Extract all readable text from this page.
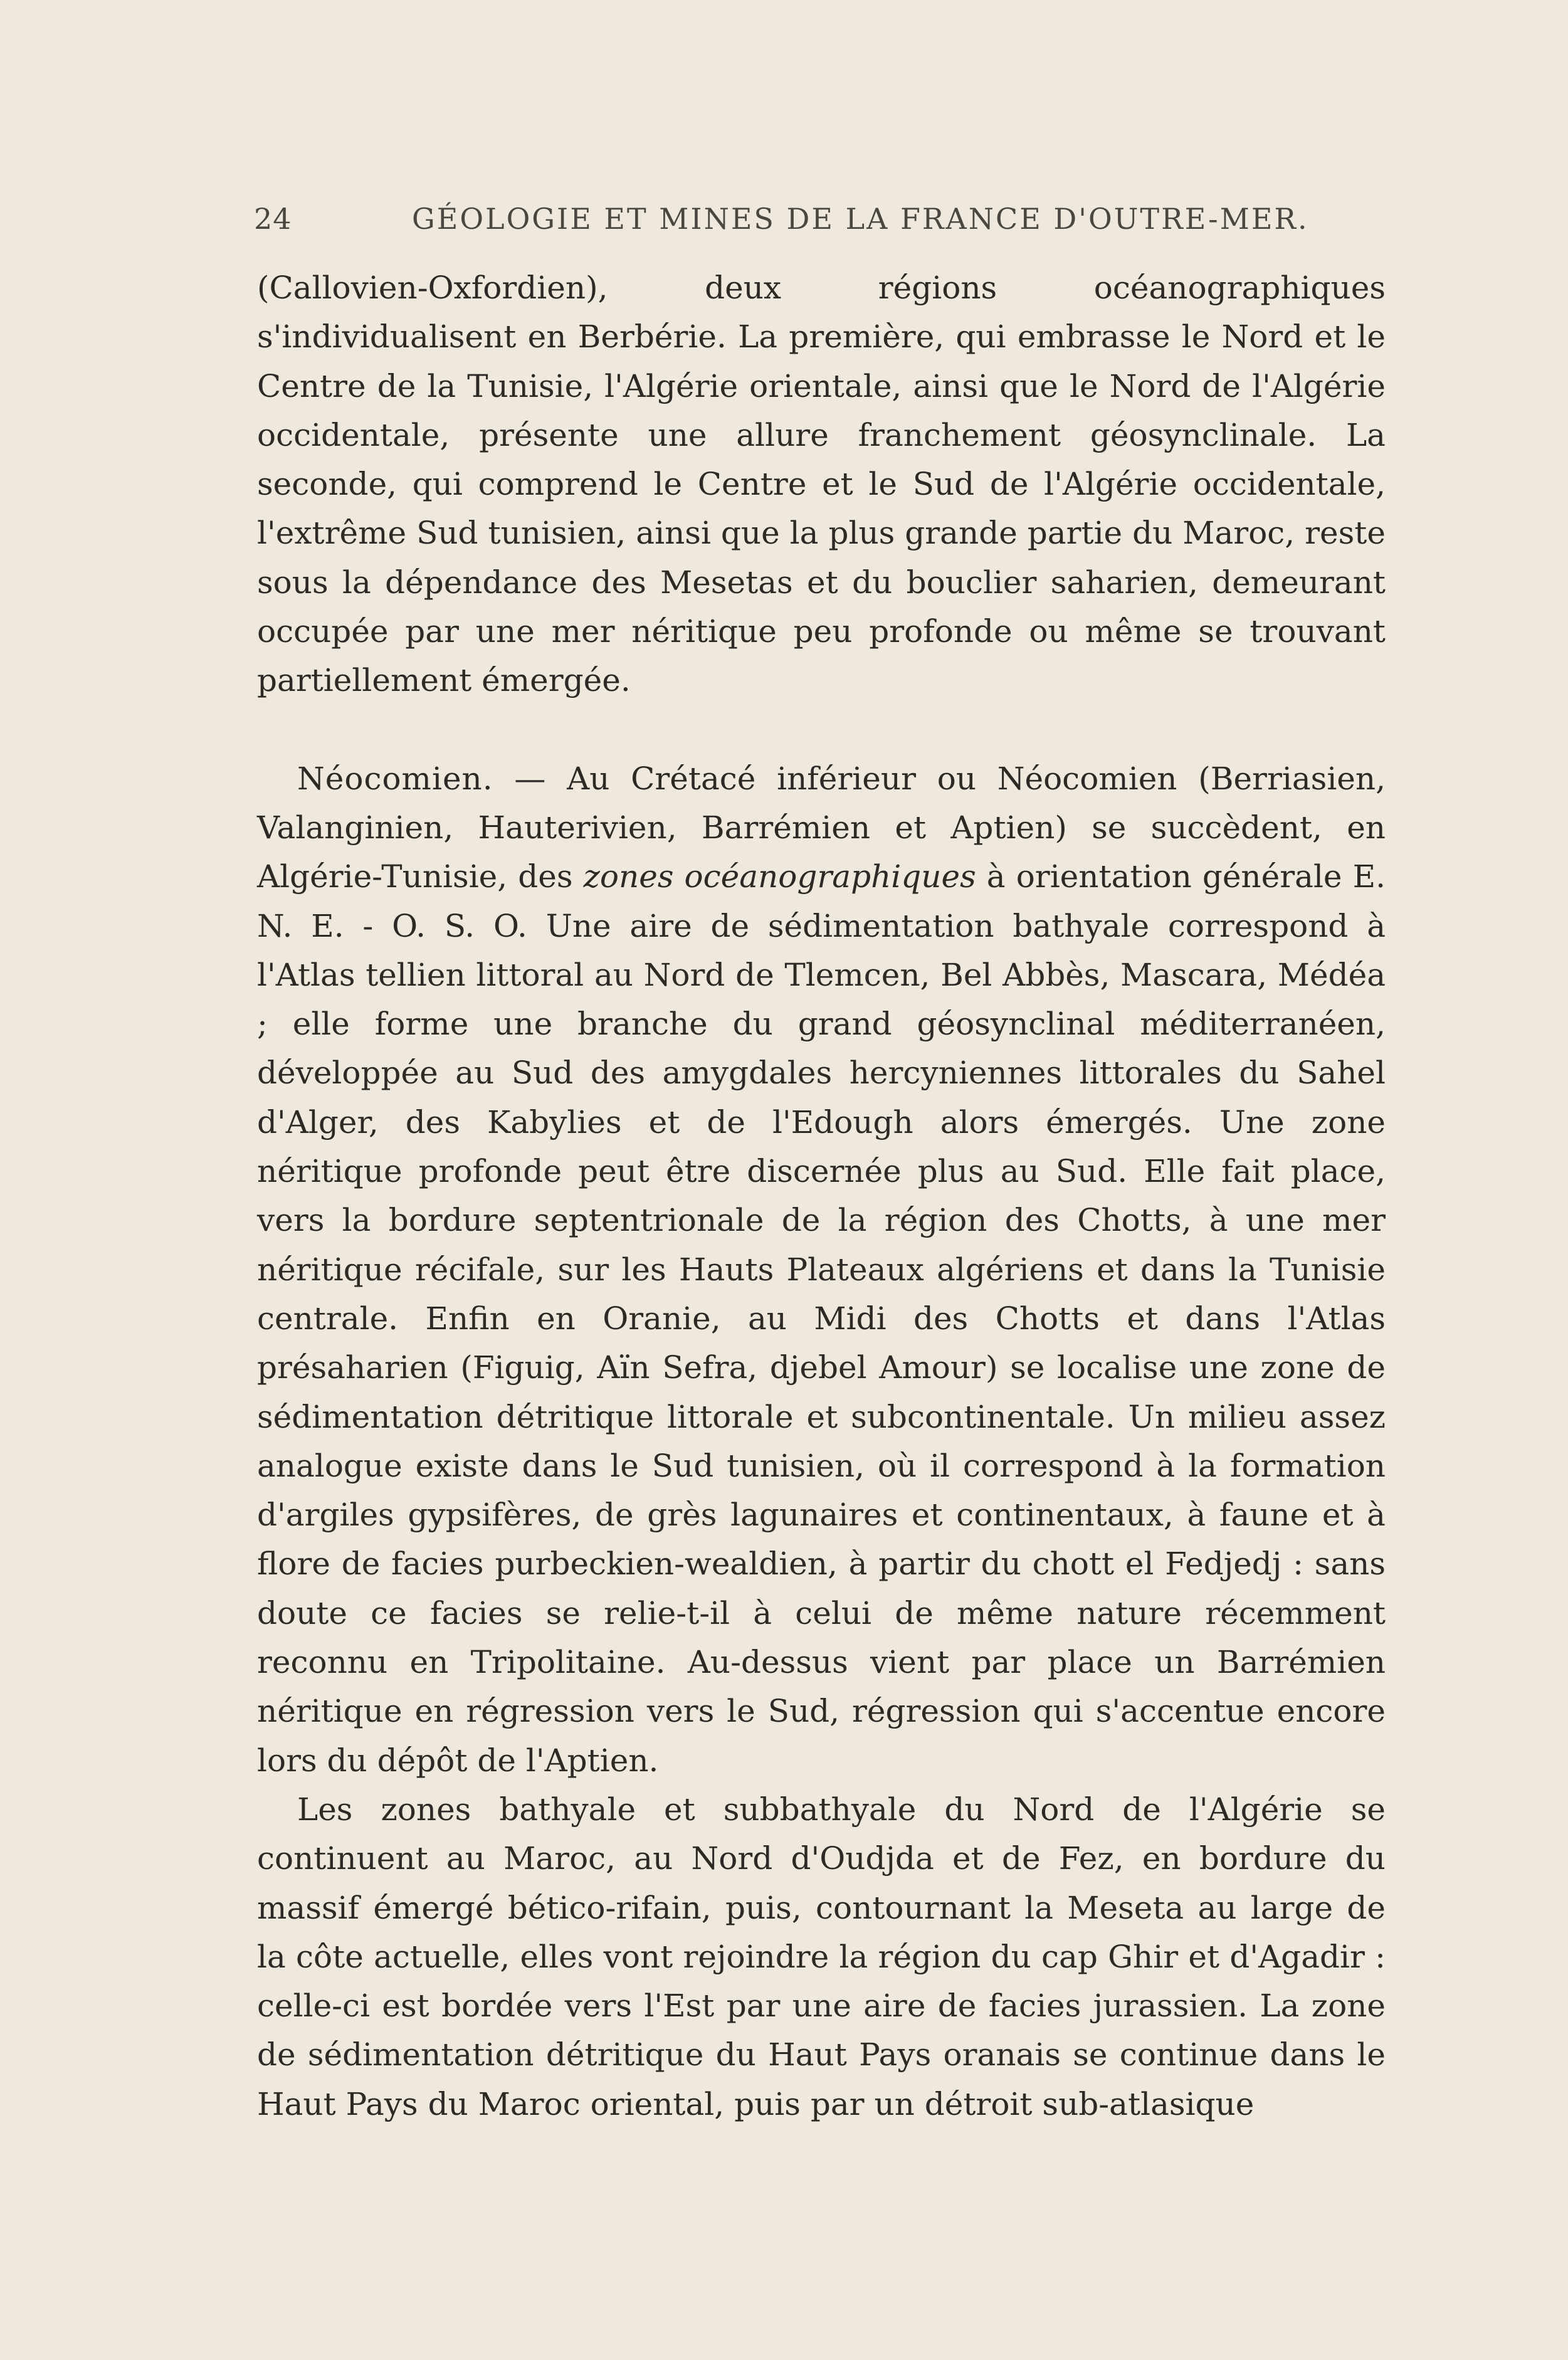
24	GÉOLOGIE ET MINES DE LA FRANCE D'OUTRE-MER.

(Callovien-Oxfordien), deux régions océanographiques s'individualisent en Berbérie. La première, qui embrasse le Nord et le Centre de la Tunisie, l'Algérie orientale, ainsi que le Nord de l'Algérie occidentale, présente une allure franchement géosynclinale. La seconde, qui comprend le Centre et le Sud de l'Algérie occidentale, l'extrême Sud tunisien, ainsi que la plus grande partie du Maroc, reste sous la dépendance des Mesetas et du bouclier saharien, demeurant occupée par une mer néritique peu profonde ou même se trouvant partiellement émergée.

Néocomien. — Au Crétacé inférieur ou Néocomien (Berriasien, Valanginien, Hauterivien, Barrémien et Aptien) se succèdent, en Algérie-Tunisie, des zones océanographiques à orientation générale E. N. E. - O. S. O. Une aire de sédimentation bathyale correspond à l'Atlas tellien littoral au Nord de Tlemcen, Bel Abbès, Mascara, Médéa ; elle forme une branche du grand géosynclinal méditerranéen, développée au Sud des amygdales hercyniennes littorales du Sahel d'Alger, des Kabylies et de l'Edough alors émergés. Une zone néritique profonde peut être discernée plus au Sud. Elle fait place, vers la bordure septentrionale de la région des Chotts, à une mer néritique récifale, sur les Hauts Plateaux algériens et dans la Tunisie centrale. Enfin en Oranie, au Midi des Chotts et dans l'Atlas présaharien (Figuig, Aïn Sefra, djebel Amour) se localise une zone de sédimentation détritique littorale et subcontinentale. Un milieu assez analogue existe dans le Sud tunisien, où il correspond à la formation d'argiles gypsifères, de grès lagunaires et continentaux, à faune et à flore de facies purbeckien-wealdien, à partir du chott el Fedjedj : sans doute ce facies se relie-t-il à celui de même nature récemment reconnu en Tripolitaine. Au-dessus vient par place un Barrémien néritique en régression vers le Sud, régression qui s'accentue encore lors du dépôt de l'Aptien.

Les zones bathyale et subbathyale du Nord de l'Algérie se continuent au Maroc, au Nord d'Oudjda et de Fez, en bordure du massif émergé bético-rifain, puis, contournant la Meseta au large de la côte actuelle, elles vont rejoindre la région du cap Ghir et d'Agadir : celle-ci est bordée vers l'Est par une aire de facies jurassien. La zone de sédimentation détritique du Haut Pays oranais se continue dans le Haut Pays du Maroc oriental, puis par un détroit sub-atlasique
